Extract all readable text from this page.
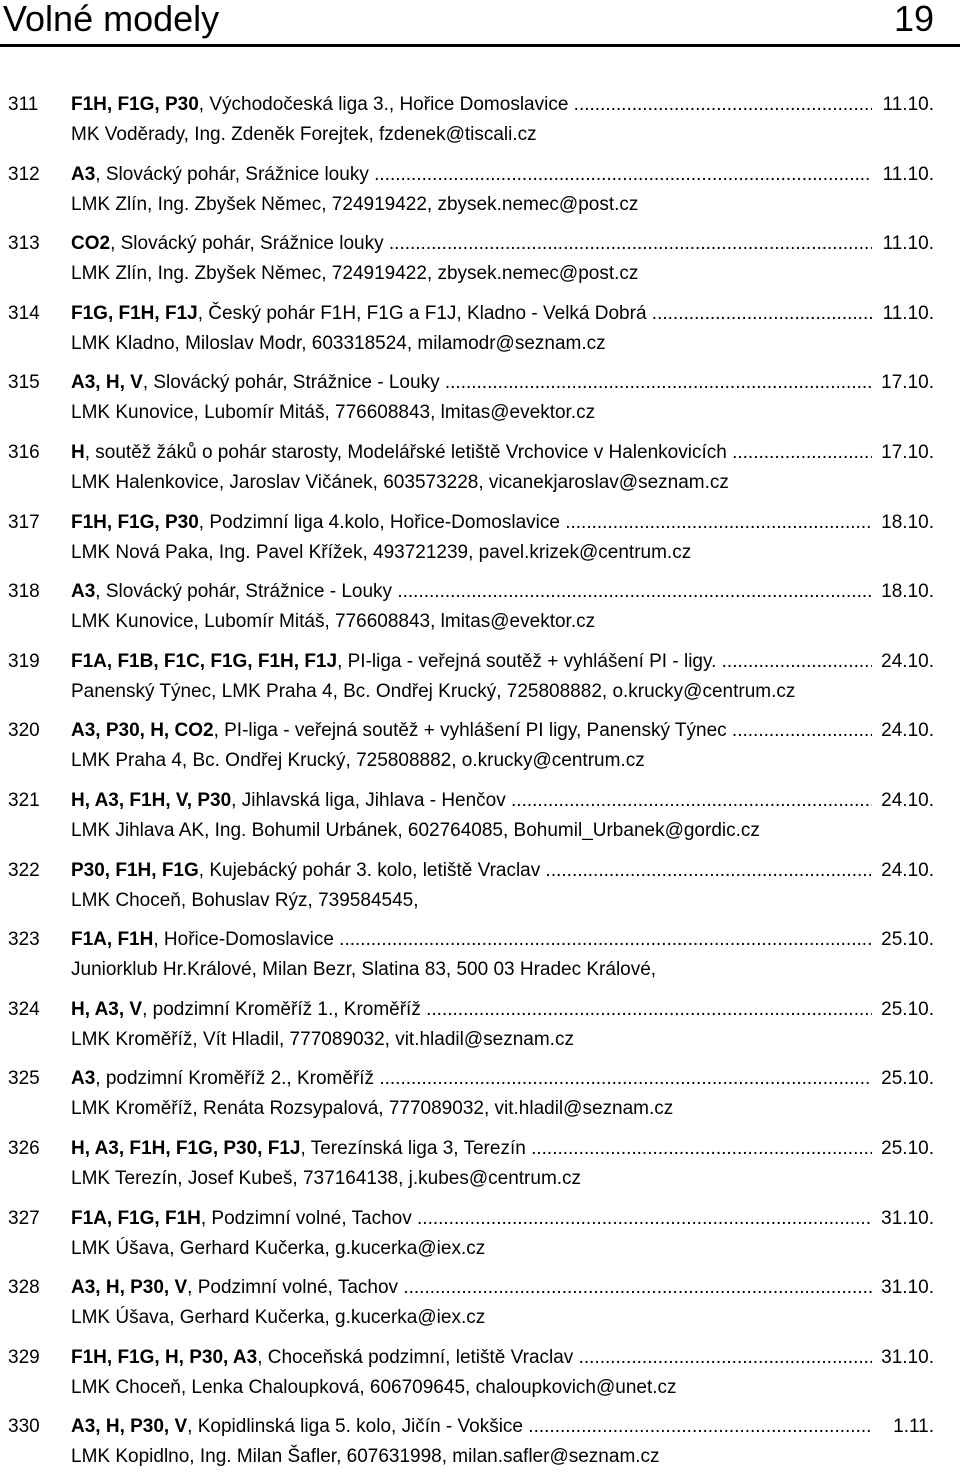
Volné modely	19
311	F1H, F1G, P30, Východočeská liga 3., Hořice Domoslavice .....	11.10.
MK Voděrady, Ing. Zdeněk Forejtek, fzdenek@tiscali.cz
312	A3, Slovácký pohár, Srážnice louky .....	11.10.
LMK Zlín, Ing. Zbyšek Němec, 724919422, zbysek.nemec@post.cz
313	CO2, Slovácký pohár, Srážnice louky .....	11.10.
LMK Zlín, Ing. Zbyšek Němec, 724919422, zbysek.nemec@post.cz
314	F1G, F1H, F1J, Český pohár F1H, F1G a F1J, Kladno - Velká Dobrá .....	11.10.
LMK Kladno, Miloslav Modr, 603318524, milamodr@seznam.cz
315	A3, H, V, Slovácký pohár, Strážnice - Louky .....	17.10.
LMK Kunovice, Lubomír Mitáš, 776608843, lmitas@evektor.cz
316	H, soutěž žáků o pohár starosty, Modelářské letiště Vrchovice v Halenkovicích .....	17.10.
LMK Halenkovice, Jaroslav Vičánek, 603573228, vicanekjaroslav@seznam.cz
317	F1H, F1G, P30, Podzimní liga 4.kolo, Hořice-Domoslavice .....	18.10.
LMK Nová Paka, Ing. Pavel Křížek, 493721239, pavel.krizek@centrum.cz
318	A3, Slovácký pohár, Strážnice - Louky .....	18.10.
LMK Kunovice, Lubomír Mitáš, 776608843, lmitas@evektor.cz
319	F1A, F1B, F1C, F1G, F1H, F1J, PI-liga - veřejná soutěž + vyhlášení PI - ligy. .....	24.10.
Panenský Týnec, LMK Praha 4, Bc. Ondřej Krucký, 725808882, o.krucky@centrum.cz
320	A3, P30, H, CO2, PI-liga - veřejná soutěž + vyhlášení PI ligy, Panenský Týnec .....	24.10.
LMK Praha 4, Bc. Ondřej Krucký, 725808882, o.krucky@centrum.cz
321	H, A3, F1H, V, P30, Jihlavská liga, Jihlava - Henčov .....	24.10.
LMK Jihlava AK, Ing. Bohumil Urbánek, 602764085, Bohumil_Urbanek@gordic.cz
322	P30, F1H, F1G, Kujebácký pohár 3. kolo, letiště Vraclav .....	24.10.
LMK Choceň, Bohuslav Rýz, 739584545,
323	F1A, F1H, Hořice-Domoslavice .....	25.10.
Juniorklub Hr.Králové, Milan Bezr, Slatina 83, 500 03 Hradec Králové,
324	H, A3, V, podzimní Kroměříž 1., Kroměříž .....	25.10.
LMK Kroměříž, Vít Hladil, 777089032, vit.hladil@seznam.cz
325	A3, podzimní Kroměříž 2., Kroměříž .....	25.10.
LMK Kroměříž, Renáta Rozsypalová, 777089032, vit.hladil@seznam.cz
326	H, A3, F1H, F1G, P30, F1J, Terezínská liga 3, Terezín .....	25.10.
LMK Terezín, Josef Kubeš, 737164138, j.kubes@centrum.cz
327	F1A, F1G, F1H, Podzimní volné, Tachov .....	31.10.
LMK Úšava, Gerhard Kučerka, g.kucerka@iex.cz
328	A3, H, P30, V, Podzimní volné, Tachov .....	31.10.
LMK Úšava, Gerhard Kučerka, g.kucerka@iex.cz
329	F1H, F1G, H, P30, A3, Choceňská podzimní, letiště Vraclav .....	31.10.
LMK Choceň, Lenka Chaloupková, 606709645, chaloupkovich@unet.cz
330	A3, H, P30, V, Kopidlinská liga 5. kolo, Jičín - Vokšice .....	1.11.
LMK Kopidlno, Ing. Milan Šafler, 607631998, milan.safler@seznam.cz
